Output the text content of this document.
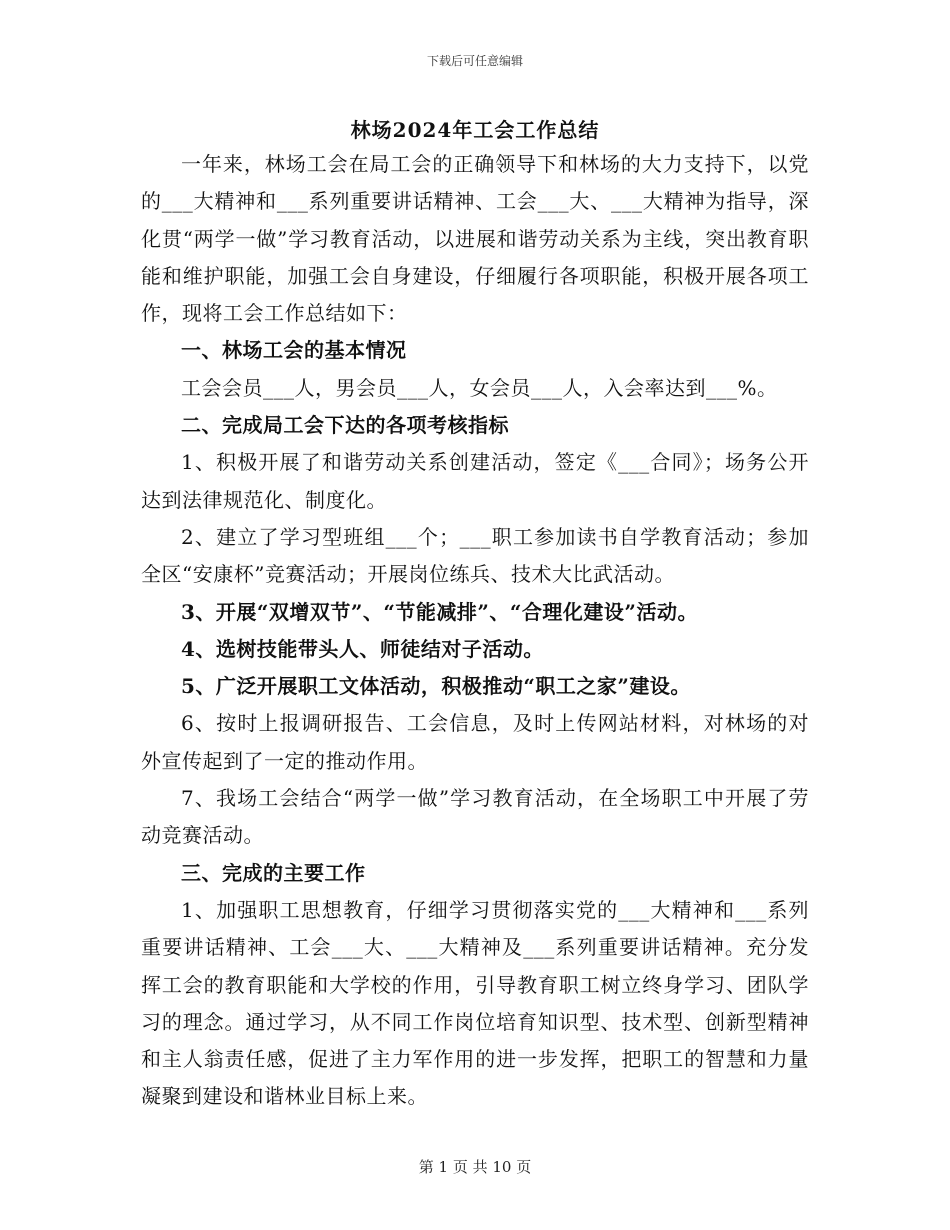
下载后可任意编辑
林场2024年工会工作总结

一年来，林场工会在局工会的正确领导下和林场的大力支持下，以党的___大精神和___系列重要讲话精神、工会___大、___大精神为指导，深化贯“两学一做”学习教育活动，以进展和谐劳动关系为主线，突出教育职能和维护职能，加强工会自身建设，仔细履行各项职能，积极开展各项工作，现将工会工作总结如下：

一、林场工会的基本情况

工会会员___人，男会员___人，女会员___人，入会率达到___%。

二、完成局工会下达的各项考核指标

1、积极开展了和谐劳动关系创建活动，签定《___合同》；场务公开达到法律规范化、制度化。

2、建立了学习型班组___个；___职工参加读书自学教育活动；参加全区“安康杯”竞赛活动；开展岗位练兵、技术大比武活动。

3、开展“双增双节”、“节能减排”、“合理化建设”活动。

4、选树技能带头人、师徒结对子活动。

5、广泛开展职工文体活动，积极推动“职工之家”建设。

6、按时上报调研报告、工会信息，及时上传网站材料，对林场的对外宣传起到了一定的推动作用。

7、我场工会结合“两学一做”学习教育活动，在全场职工中开展了劳动竞赛活动。

三、完成的主要工作

1、加强职工思想教育，仔细学习贯彻落实党的___大精神和___系列重要讲话精神、工会___大、___大精神及___系列重要讲话精神。充分发挥工会的教育职能和大学校的作用，引导教育职工树立终身学习、团队学习的理念。通过学习，从不同工作岗位培育知识型、技术型、创新型精神和主人翁责任感，促进了主力军作用的进一步发挥，把职工的智慧和力量凝聚到建设和谐林业目标上来。

第 1 页 共 10 页
